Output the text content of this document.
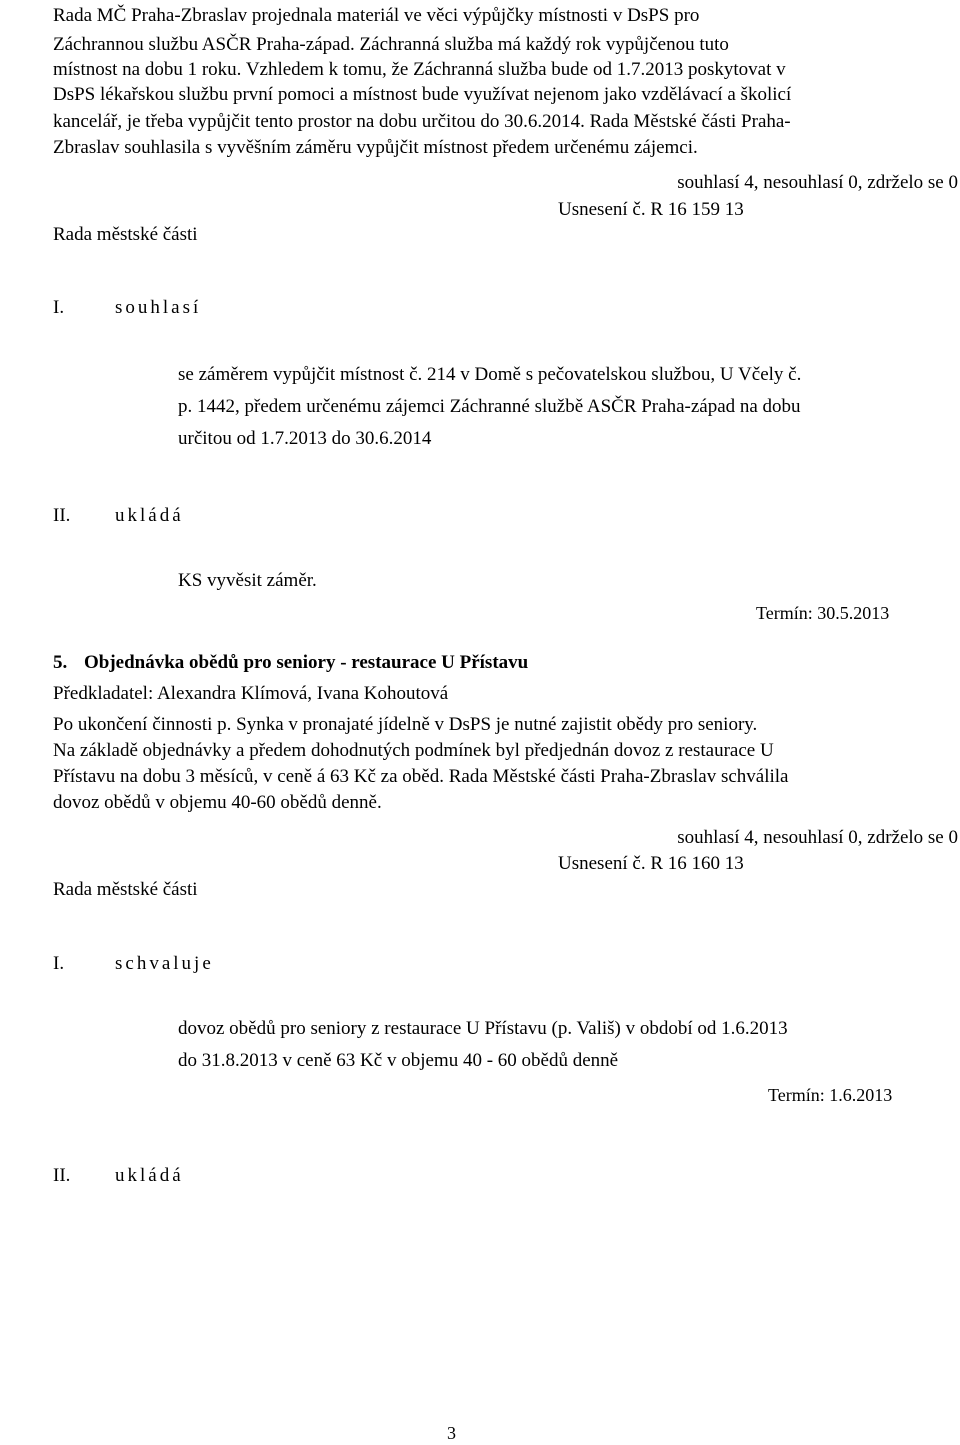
Rada MČ Praha-Zbraslav projednala materiál ve věci výpůjčky místnosti v DsPS pro
Záchrannou službu ASČR Praha-západ. Záchranná služba má každý rok vypůjčenou tuto
místnost na dobu 1 roku. Vzhledem k tomu, že Záchranná služba bude od 1.7.2013 poskytovat v
DsPS lékařskou službu první pomoci a místnost bude využívat nejenom jako vzdělávací a školicí
kancelář, je třeba vypůjčit tento prostor na dobu určitou do 30.6.2014. Rada Městské části Praha-
Zbraslav souhlasila s vyvěšním záměru vypůjčit místnost předem určenému zájemci.
souhlasí 4, nesouhlasí 0, zdrželo se 0
Usnesení č. R 16 159 13
Rada městské části
I.	souhlasí
se záměrem vypůjčit místnost č. 214 v Domě s pečovatelskou službou, U Včely č.
p. 1442, předem určenému zájemci Záchranné službě ASČR Praha-západ na dobu
určitou od 1.7.2013 do 30.6.2014
II. ukládá
KS vyvěsit záměr.
Termín: 30.5.2013
5. Objednávka obědů pro seniory - restaurace U Přístavu
Předkladatel: Alexandra Klímová, Ivana Kohoutová
Po ukončení činnosti p. Synka v pronajaté jídelně v DsPS je nutné zajistit obědy pro seniory.
Na základě objednávky a předem dohodnutých podmínek byl předjednán dovoz z restaurace U
Přístavu na dobu 3 měsíců, v ceně á 63 Kč za oběd. Rada Městské části Praha-Zbraslav schválila
dovoz obědů v objemu 40-60 obědů denně.
souhlasí 4, nesouhlasí 0, zdrželo se 0
Usnesení č. R 16 160 13
Rada městské části
I.	schvaluje
dovoz obědů pro seniory z restaurace U Přístavu (p. Vališ) v období od 1.6.2013
do 31.8.2013 v ceně 63 Kč v objemu 40 - 60 obědů denně
Termín: 1.6.2013
II. ukládá
3
